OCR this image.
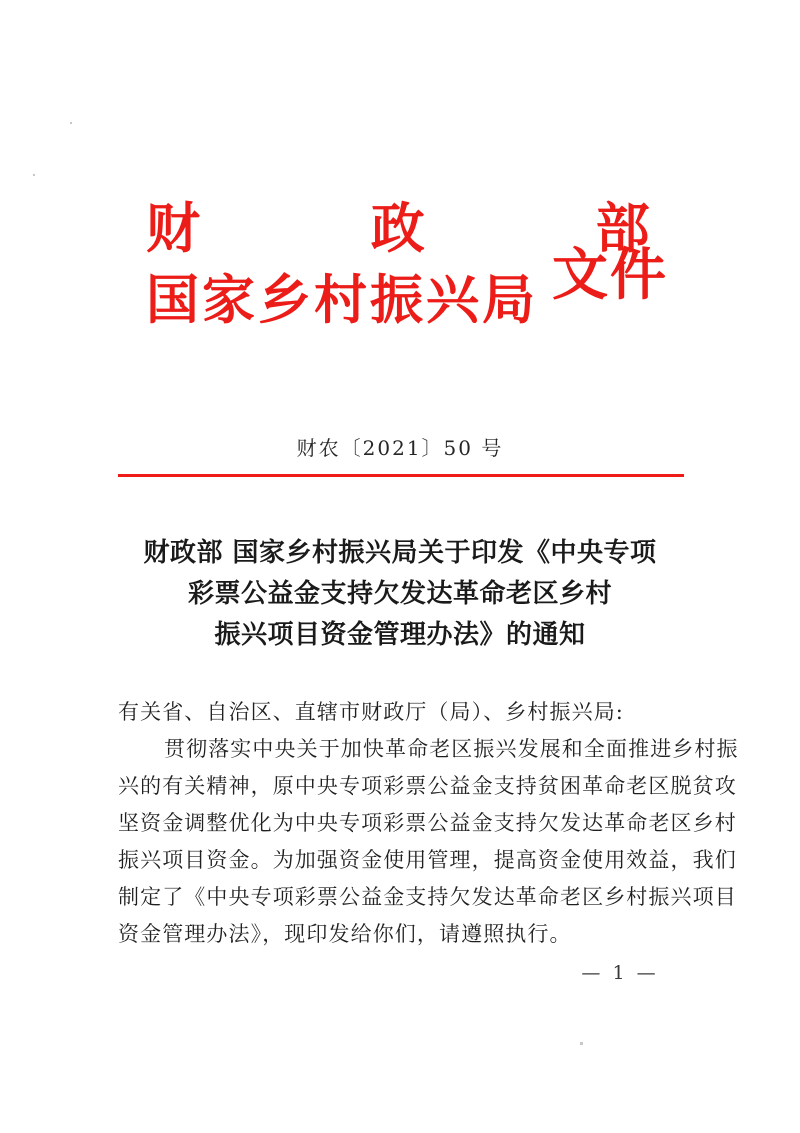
财 政 部
国家乡村振兴局 文件
财农〔2021〕50 号
财政部 国家乡村振兴局关于印发《中央专项
彩票公益金支持欠发达革命老区乡村
振兴项目资金管理办法》的通知
有关省、自治区、直辖市财政厅（局）、乡村振兴局:
贯彻落实中央关于加快革命老区振兴发展和全面推进乡村振
兴的有关精神，原中央专项彩票公益金支持贫困革命老区脱贫攻
坚资金调整优化为中央专项彩票公益金支持欠发达革命老区乡村
振兴项目资金。为加强资金使用管理，提高资金使用效益，我们
制定了《中央专项彩票公益金支持欠发达革命老区乡村振兴项目
资金管理办法》，现印发给你们，请遵照执行。
— 1 —
